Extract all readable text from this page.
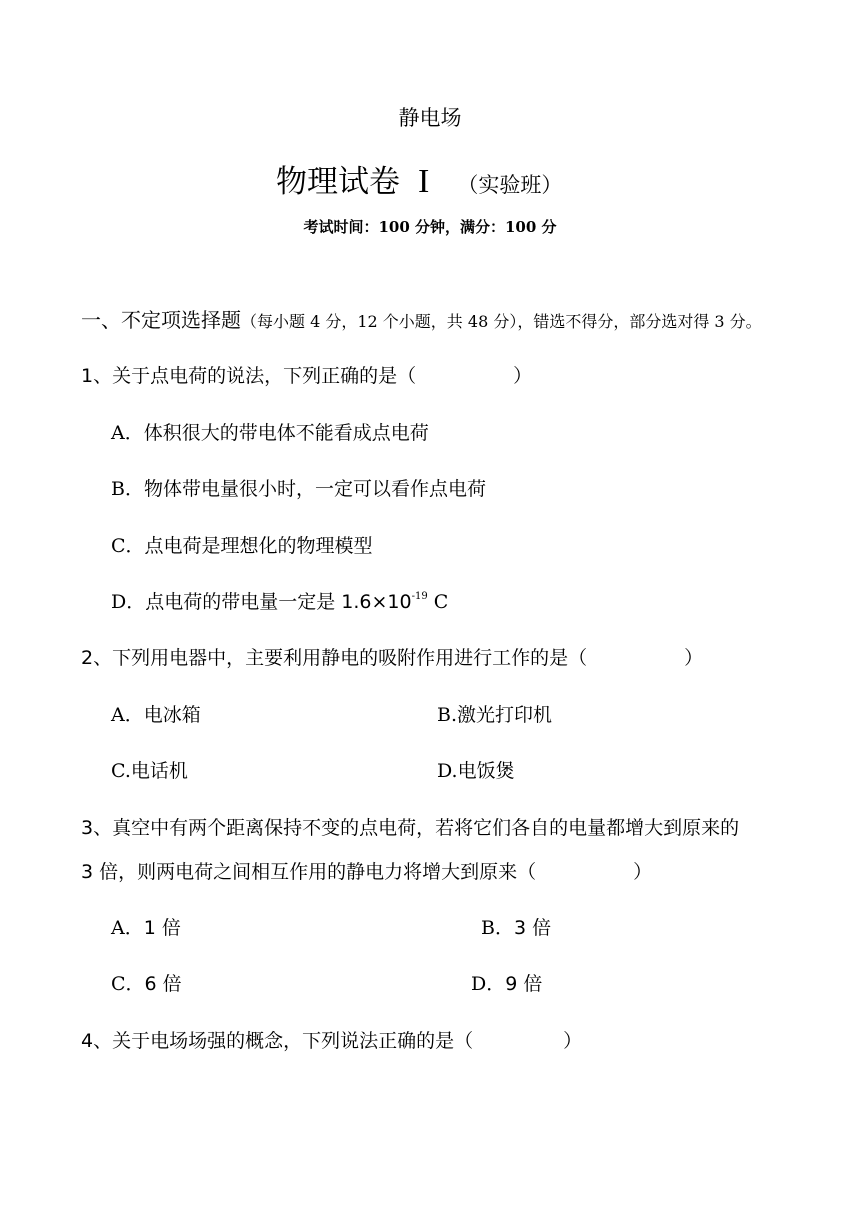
静电场
物理试卷 I （实验班）
考试时间：100 分钟，满分：100 分
一、不定项选择题（每小题 4 分，12 个小题，共 48 分），错选不得分，部分选对得 3 分。
1、关于点电荷的说法，下列正确的是（	）
A．体积很大的带电体不能看成点电荷
B．物体带电量很小时，一定可以看作点电荷
C．点电荷是理想化的物理模型
D．点电荷的带电量一定是 $1.6\times 10^{-19}$ C
2、下列用电器中，主要利用静电的吸附作用进行工作的是（	）
A．电冰箱	B.激光打印机
C.电话机	D.电饭煲
3、真空中有两个距离保持不变的点电荷，若将它们各自的电量都增大到原来的
3 倍，则两电荷之间相互作用的静电力将增大到原来（	）
A．1 倍	B．3 倍
C．6 倍	D．9 倍
4、关于电场场强的概念，下列说法正确的是（	）
